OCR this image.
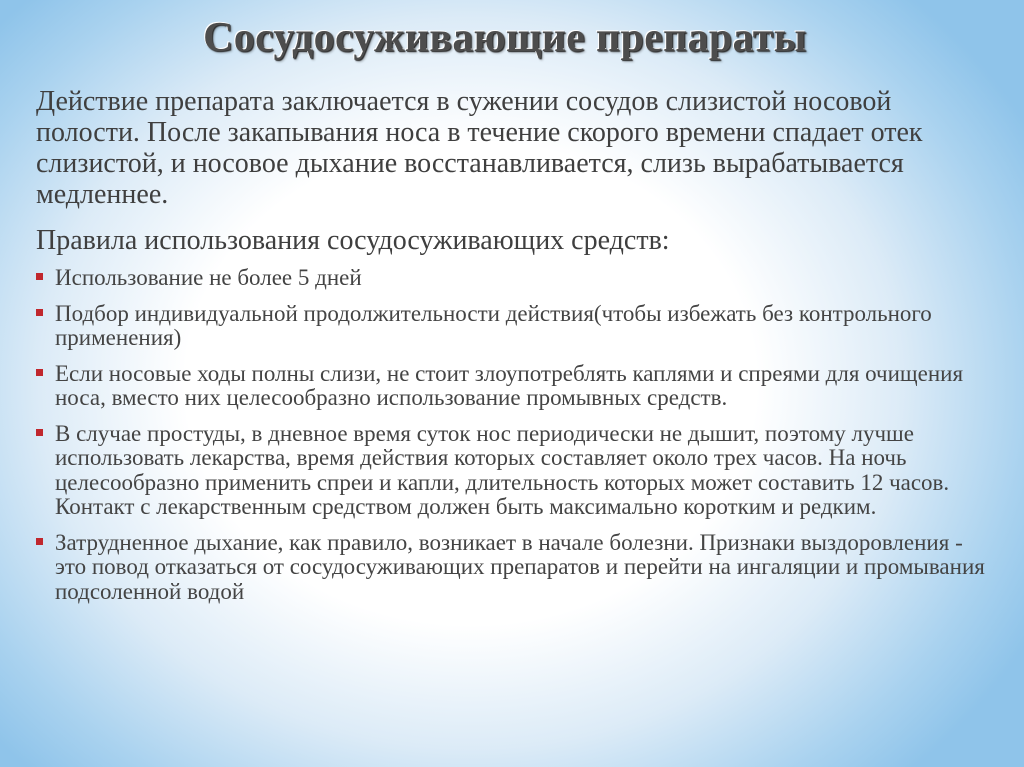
Сосудосуживающие препараты

Действие препарата заключается в сужении сосудов слизистой носовой полости. После закапывания носа в течение скорого времени спадает отек слизистой, и носовое дыхание восстанавливается, слизь вырабатывается медленнее.

Правила использования сосудосуживающих средств:

Использование не более 5 дней
Подбор индивидуальной продолжительности действия(чтобы избежать без контрольного применения)
Если носовые ходы полны слизи, не стоит злоупотреблять каплями и спреями для очищения носа, вместо них целесообразно использование промывных средств.
В случае простуды, в дневное время суток нос периодически не дышит, поэтому лучше использовать лекарства, время действия которых составляет около трех часов. На ночь целесообразно применить спреи и капли, длительность которых может составить 12 часов. Контакт с лекарственным средством должен быть максимально коротким и редким.
Затрудненное дыхание, как правило, возникает в начале болезни. Признаки выздоровления - это повод отказаться от сосудосуживающих препаратов и перейти на ингаляции и промывания подсоленной водой
